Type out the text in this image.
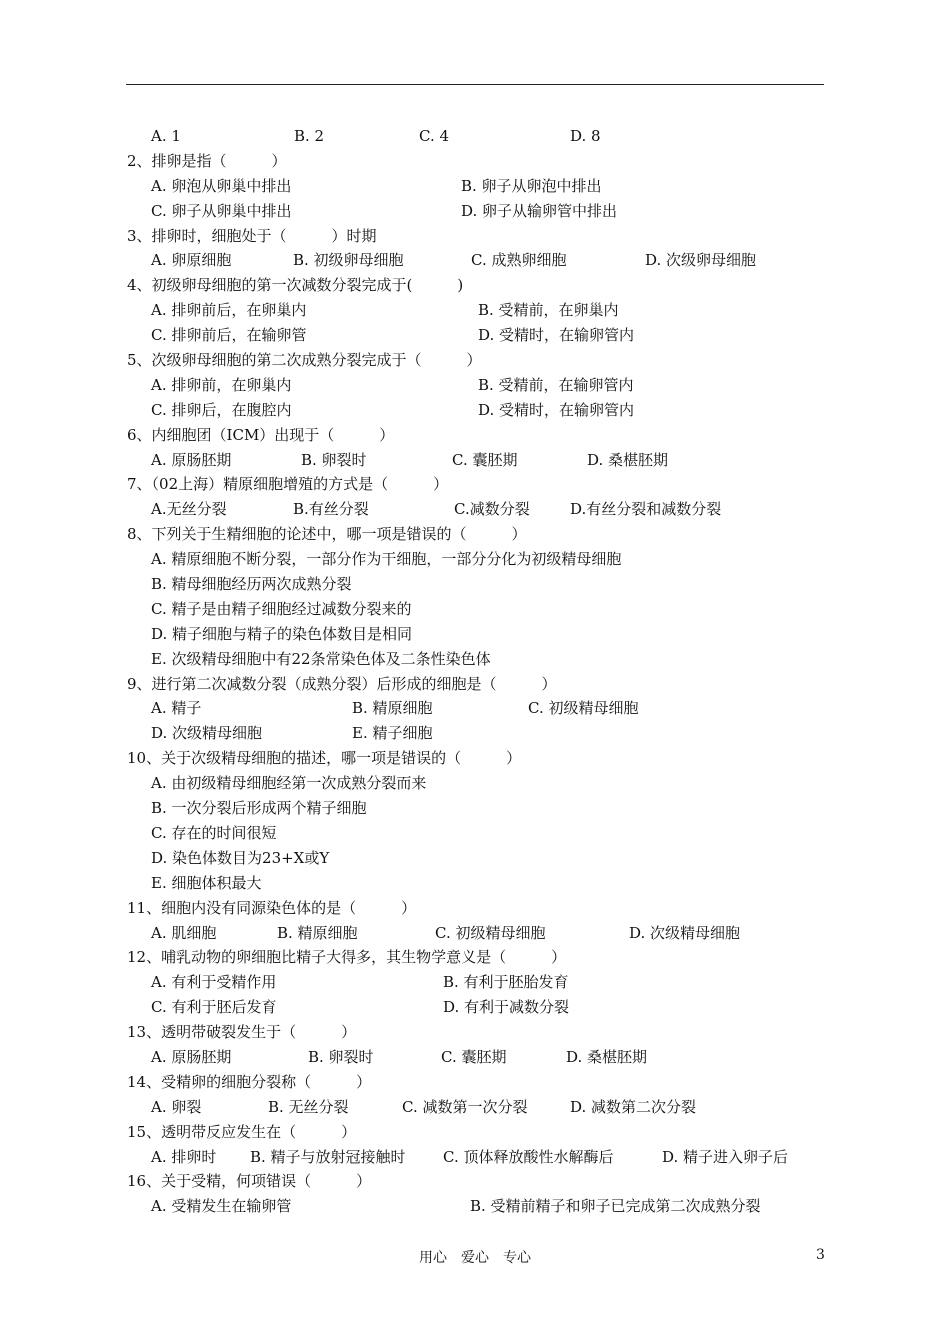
A. 1	B. 2	C. 4	D. 8
2、排卵是指（　　　）
A. 卵泡从卵巢中排出	B. 卵子从卵泡中排出
C. 卵子从卵巢中排出	D. 卵子从输卵管中排出
3、排卵时，细胞处于（　　　）时期
A. 卵原细胞	B. 初级卵母细胞	C. 成熟卵细胞	D. 次级卵母细胞
4、初级卵母细胞的第一次减数分裂完成于(　　　)
A. 排卵前后，在卵巢内	B. 受精前，在卵巢内
C. 排卵前后，在输卵管	D. 受精时，在输卵管内
5、次级卵母细胞的第二次成熟分裂完成于（　　　）
A. 排卵前，在卵巢内	B. 受精前，在输卵管内
C. 排卵后，在腹腔内	D. 受精时，在输卵管内
6、内细胞团（ICM）出现于（　　　）
A. 原肠胚期	B. 卵裂时	C. 囊胚期	D. 桑椹胚期
7、（02上海）精原细胞增殖的方式是（　　　）
A.无丝分裂	B.有丝分裂	C.减数分裂	D.有丝分裂和减数分裂
8、下列关于生精细胞的论述中，哪一项是错误的（　　　）
A. 精原细胞不断分裂，一部分作为干细胞，一部分分化为初级精母细胞
B. 精母细胞经历两次成熟分裂
C. 精子是由精子细胞经过减数分裂来的
D. 精子细胞与精子的染色体数目是相同
E. 次级精母细胞中有22条常染色体及二条性染色体
9、进行第二次减数分裂（成熟分裂）后形成的细胞是（　　　）
A. 精子	B. 精原细胞	C. 初级精母细胞
D. 次级精母细胞	E. 精子细胞
10、关于次级精母细胞的描述，哪一项是错误的（　　　）
A. 由初级精母细胞经第一次成熟分裂而来
B. 一次分裂后形成两个精子细胞
C. 存在的时间很短
D. 染色体数目为23+X或Y
E. 细胞体积最大
11、细胞内没有同源染色体的是（　　　）
A. 肌细胞	B. 精原细胞	C. 初级精母细胞	D. 次级精母细胞
12、哺乳动物的卵细胞比精子大得多，其生物学意义是（　　　）
A. 有利于受精作用	B. 有利于胚胎发育
C. 有利于胚后发育	D. 有利于减数分裂
13、透明带破裂发生于（　　　）
A. 原肠胚期	B. 卵裂时	C. 囊胚期	D. 桑椹胚期
14、受精卵的细胞分裂称（　　　）
A. 卵裂	B. 无丝分裂	C. 减数第一次分裂	D. 减数第二次分裂
15、透明带反应发生在（　　　）
A. 排卵时 B. 精子与放射冠接触时 C. 顶体释放酸性水解酶后	D. 精子进入卵子后
16、关于受精，何项错误（　　　）
A. 受精发生在输卵管	B. 受精前精子和卵子已完成第二次成熟分裂
用心　爱心　专心	3
